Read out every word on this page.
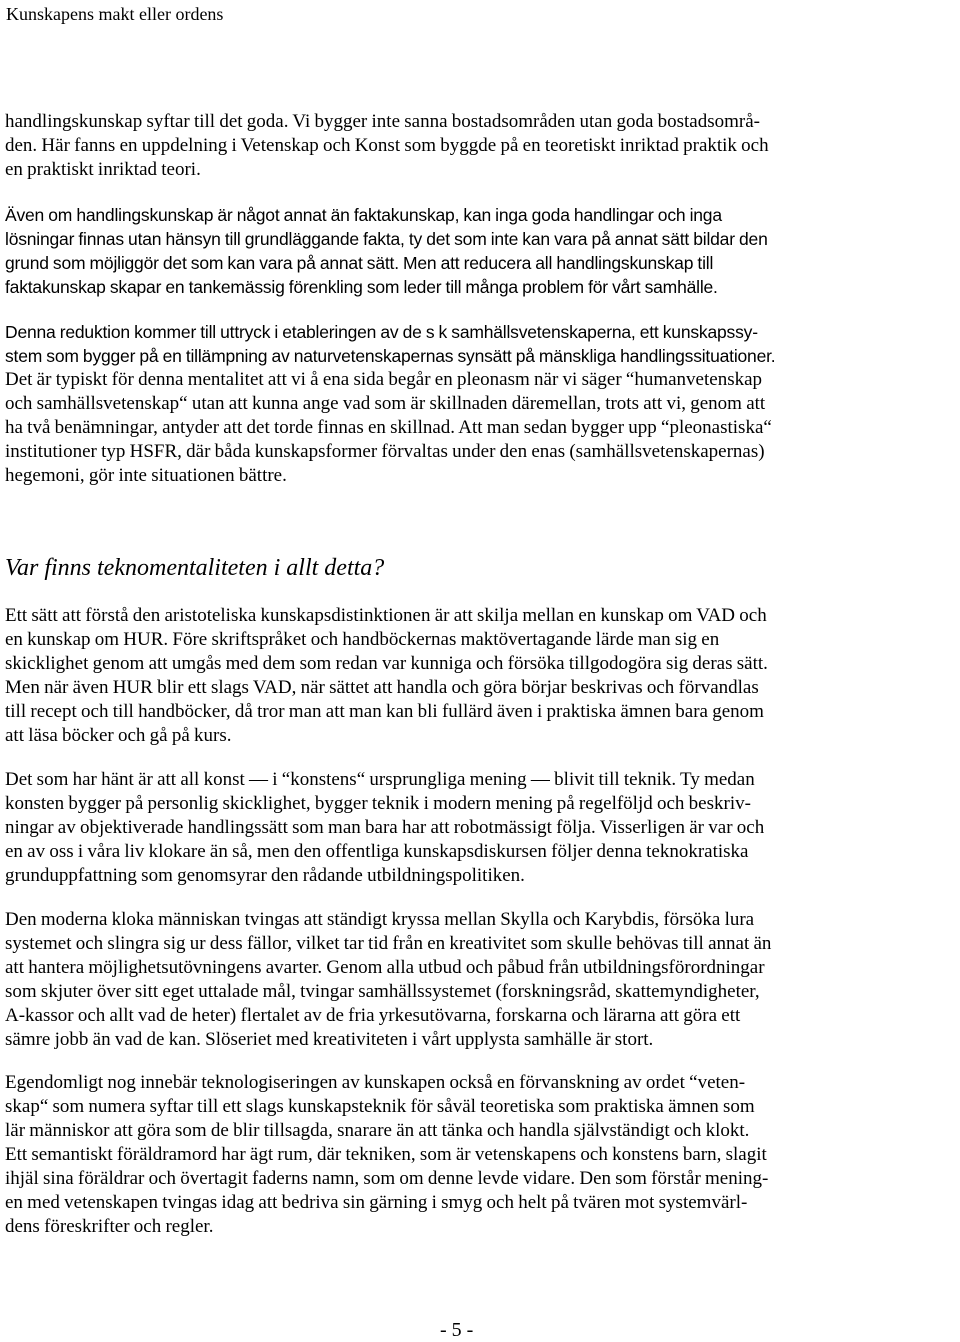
Kunskapens makt eller ordens

handlingskunskap syftar till det goda. Vi bygger inte sanna bostadsområden utan goda bostadsområ-
den. Här fanns en uppdelning i Vetenskap och Konst som byggde på en teoretiskt inriktad praktik och
en praktiskt inriktad teori.

Även om handlingskunskap är något annat än faktakunskap, kan inga goda handlingar och inga
lösningar finnas utan hänsyn till grundläggande fakta, ty det som inte kan vara på annat sätt bildar den
grund som möjliggör det som kan vara på annat sätt. Men att reducera all handlingskunskap till
faktakunskap skapar en tankemässig förenkling som leder till många problem för vårt samhälle.

Denna reduktion kommer till uttryck i etableringen av de s k samhällsvetenskaperna, ett kunskapssy-
stem som bygger på en tillämpning av naturvetenskapernas synsätt på mänskliga handlingssituationer.
Det är typiskt för denna mentalitet att vi å ena sida begår en pleonasm när vi säger “humanvetenskap
och samhällsvetenskap“ utan att kunna ange vad som är skillnaden däremellan, trots att vi, genom att
ha två benämningar, antyder att det torde finnas en skillnad. Att man sedan bygger upp “pleonastiska“
institutioner typ HSFR, där båda kunskapsformer förvaltas under den enas (samhällsvetenskapernas)
hegemoni, gör inte situationen bättre.
Var finns teknomentaliteten i allt detta?

Ett sätt att förstå den aristoteliska kunskapsdistinktionen är att skilja mellan en kunskap om VAD och
en kunskap om HUR. Före skriftspråket och handböckernas maktövertagande lärde man sig en
skicklighet genom att umgås med dem som redan var kunniga och försöka tillgodogöra sig deras sätt.
Men när även HUR blir ett slags VAD, när sättet att handla och göra börjar beskrivas och förvandlas
till recept och till handböcker, då tror man att man kan bli fullärd även i praktiska ämnen bara genom
att läsa böcker och gå på kurs.

Det som har hänt är att all konst — i “konstens“ ursprungliga mening — blivit till teknik. Ty medan
konsten bygger på personlig skicklighet, bygger teknik i modern mening på regelföljd och beskriv-
ningar av objektiverade handlingssätt som man bara har att robotmässigt följa. Visserligen är var och
en av oss i våra liv klokare än så, men den offentliga kunskapsdiskursen följer denna teknokratiska
grunduppfattning som genomsyrar den rådande utbildningspolitiken.

Den moderna kloka människan tvingas att ständigt kryssa mellan Skylla och Karybdis, försöka lura
systemet och slingra sig ur dess fällor, vilket tar tid från en kreativitet som skulle behövas till annat än
att hantera möjlighetsutövningens avarter. Genom alla utbud och påbud från utbildningsförordningar
som skjuter över sitt eget uttalade mål, tvingar samhällssystemet (forskningsråd, skattemyndigheter,
A-kassor och allt vad de heter) flertalet av de fria yrkesutövarna, forskarna och lärarna att göra ett
sämre jobb än vad de kan. Slöseriet med kreativiteten i vårt upplysta samhälle är stort.

Egendomligt nog innebär teknologiseringen av kunskapen också en förvanskning av ordet “veten-
skap“ som numera syftar till ett slags kunskapsteknik för såväl teoretiska som praktiska ämnen som
lär människor att göra som de blir tillsagda, snarare än att tänka och handla självständigt och klokt.
Ett semantiskt föräldramord har ägt rum, där tekniken, som är vetenskapens och konstens barn, slagit
ihjäl sina föräldrar och övertagit faderns namn, som om denne levde vidare. Den som förstår mening-
en med vetenskapen tvingas idag att bedriva sin gärning i smyg och helt på tvären mot systemvärl-
dens föreskrifter och regler.

- 5 -
